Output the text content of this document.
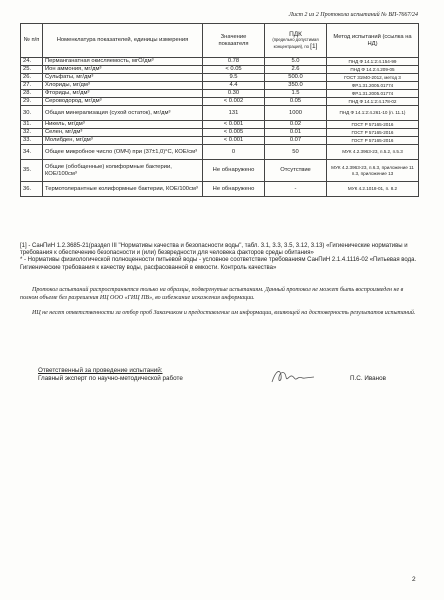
Лист 2 из 2 Протокола испытаний № ВП-7667/24
№ п/п	Номенклатура показателей, единицы измерения	Значение показателя	ПДК
(предельно допустимая концентрация), по [1]	Метод испытаний (ссылка на НД)
24.	Перманганатная окисляемость, мгО/дм³	0.78	5.0	ПНД Ф 14.1:2:4.154-99
25.	Ион аммония, мг/дм³	< 0.05	2.6	ПНД Ф 14.2:4.209-05
26.	Сульфаты, мг/дм³	9.5	500.0	ГОСТ 31940-2012, метод 3
27.	Хлориды, мг/дм³	4.4	350.0	ФР.1.31.2005.01774
28.	Фториды, мг/дм³	0.30	1.5	ФР.1.31.2005.01774
29.	Сероводород, мг/дм³	< 0.002	0.05	ПНД Ф 14.1:2:4.178-02
30.	Общая минерализация (сухой остаток), мг/дм³	131	1000	ПНД Ф 14.1:2:4.261-10 (п. 11.1)
31.	Никель, мг/дм³	< 0.001	0.02	ГОСТ Р 57165-2016
32.	Селен, мг/дм³	< 0.005	0.01	ГОСТ Р 57165-2016
33.	Молибден, мг/дм³	< 0.001	0.07	ГОСТ Р 57165-2016
34.	Общее микробное число (ОМЧ) при (37±1,0)°С, КОЕ/см³	0	50	МУК 4.2.3963-23, п.5.2, п.5.3
35.	Общие (обобщенные) колиформные бактерии, КОЕ/100см³	Не обнаружено	Отсутствие	МУК 4.2.3963-23, п.6.3, приложение 11 п.3, приложение 13
36.	Термотолерантные колиформные бактерии, КОЕ/100см³	Не обнаружено	-	МУК 4.2.1018-01, п. 8.2

[1] - СанПиН 1.2.3685-21(раздел III "Нормативы качества и безопасности воды", табл. 3.1, 3.3, 3.5, 3.12, 3.13) «Гигиенические нормативы и требования к обеспечению безопасности и (или) безвредности для человека факторов среды обитания»

* - Нормативы физиологической полноценности питьевой воды - условное соответствие требованиям СанПиН 2.1.4.1116-02 «Питьевая вода. Гигиенические требования к качеству воды, расфасованной в емкости. Контроль качества»

Протокол испытаний распространяется только на образцы, подвергнутые испытаниям. Данный протокол не может быть воспроизведен не в полном объеме без разрешения ИЦ ООО «ГИЦ ПВ», во избежание искажения информации.

ИЦ не несет ответственности за отбор проб Заказчиком и предоставление им информации, влияющей на достоверность результатов испытаний.

Ответственный за проведение испытаний:
Главный эксперт по научно-методической работе	П.С. Иванов
2
